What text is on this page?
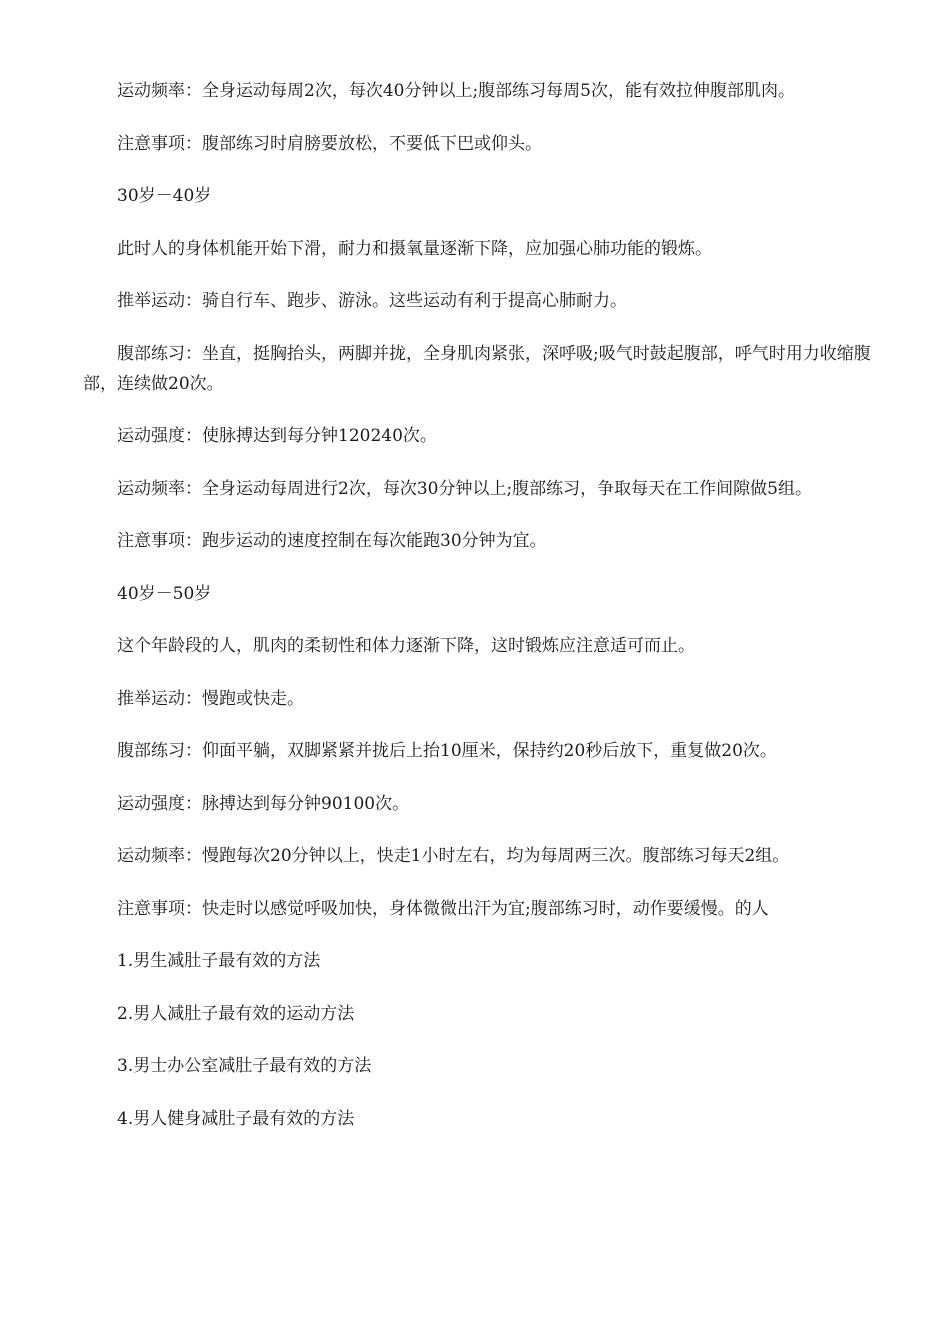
运动频率：全身运动每周2次，每次40分钟以上;腹部练习每周5次，能有效拉伸腹部肌肉。

注意事项：腹部练习时肩膀要放松，不要低下巴或仰头。

30岁－40岁

此时人的身体机能开始下滑，耐力和摄氧量逐渐下降，应加强心肺功能的锻炼。

推举运动：骑自行车、跑步、游泳。这些运动有利于提高心肺耐力。

腹部练习：坐直，挺胸抬头，两脚并拢，全身肌肉紧张，深呼吸;吸气时鼓起腹部，呼气时用力收缩腹部，连续做20次。

运动强度：使脉搏达到每分钟120240次。

运动频率：全身运动每周进行2次，每次30分钟以上;腹部练习，争取每天在工作间隙做5组。

注意事项：跑步运动的速度控制在每次能跑30分钟为宜。

40岁－50岁

这个年龄段的人，肌肉的柔韧性和体力逐渐下降，这时锻炼应注意适可而止。

推举运动：慢跑或快走。

腹部练习：仰面平躺，双脚紧紧并拢后上抬10厘米，保持约20秒后放下，重复做20次。

运动强度：脉搏达到每分钟90100次。

运动频率：慢跑每次20分钟以上，快走1小时左右，均为每周两三次。腹部练习每天2组。

注意事项：快走时以感觉呼吸加快，身体微微出汗为宜;腹部练习时，动作要缓慢。的人

1.男生减肚子最有效的方法

2.男人减肚子最有效的运动方法

3.男士办公室减肚子最有效的方法

4.男人健身减肚子最有效的方法
